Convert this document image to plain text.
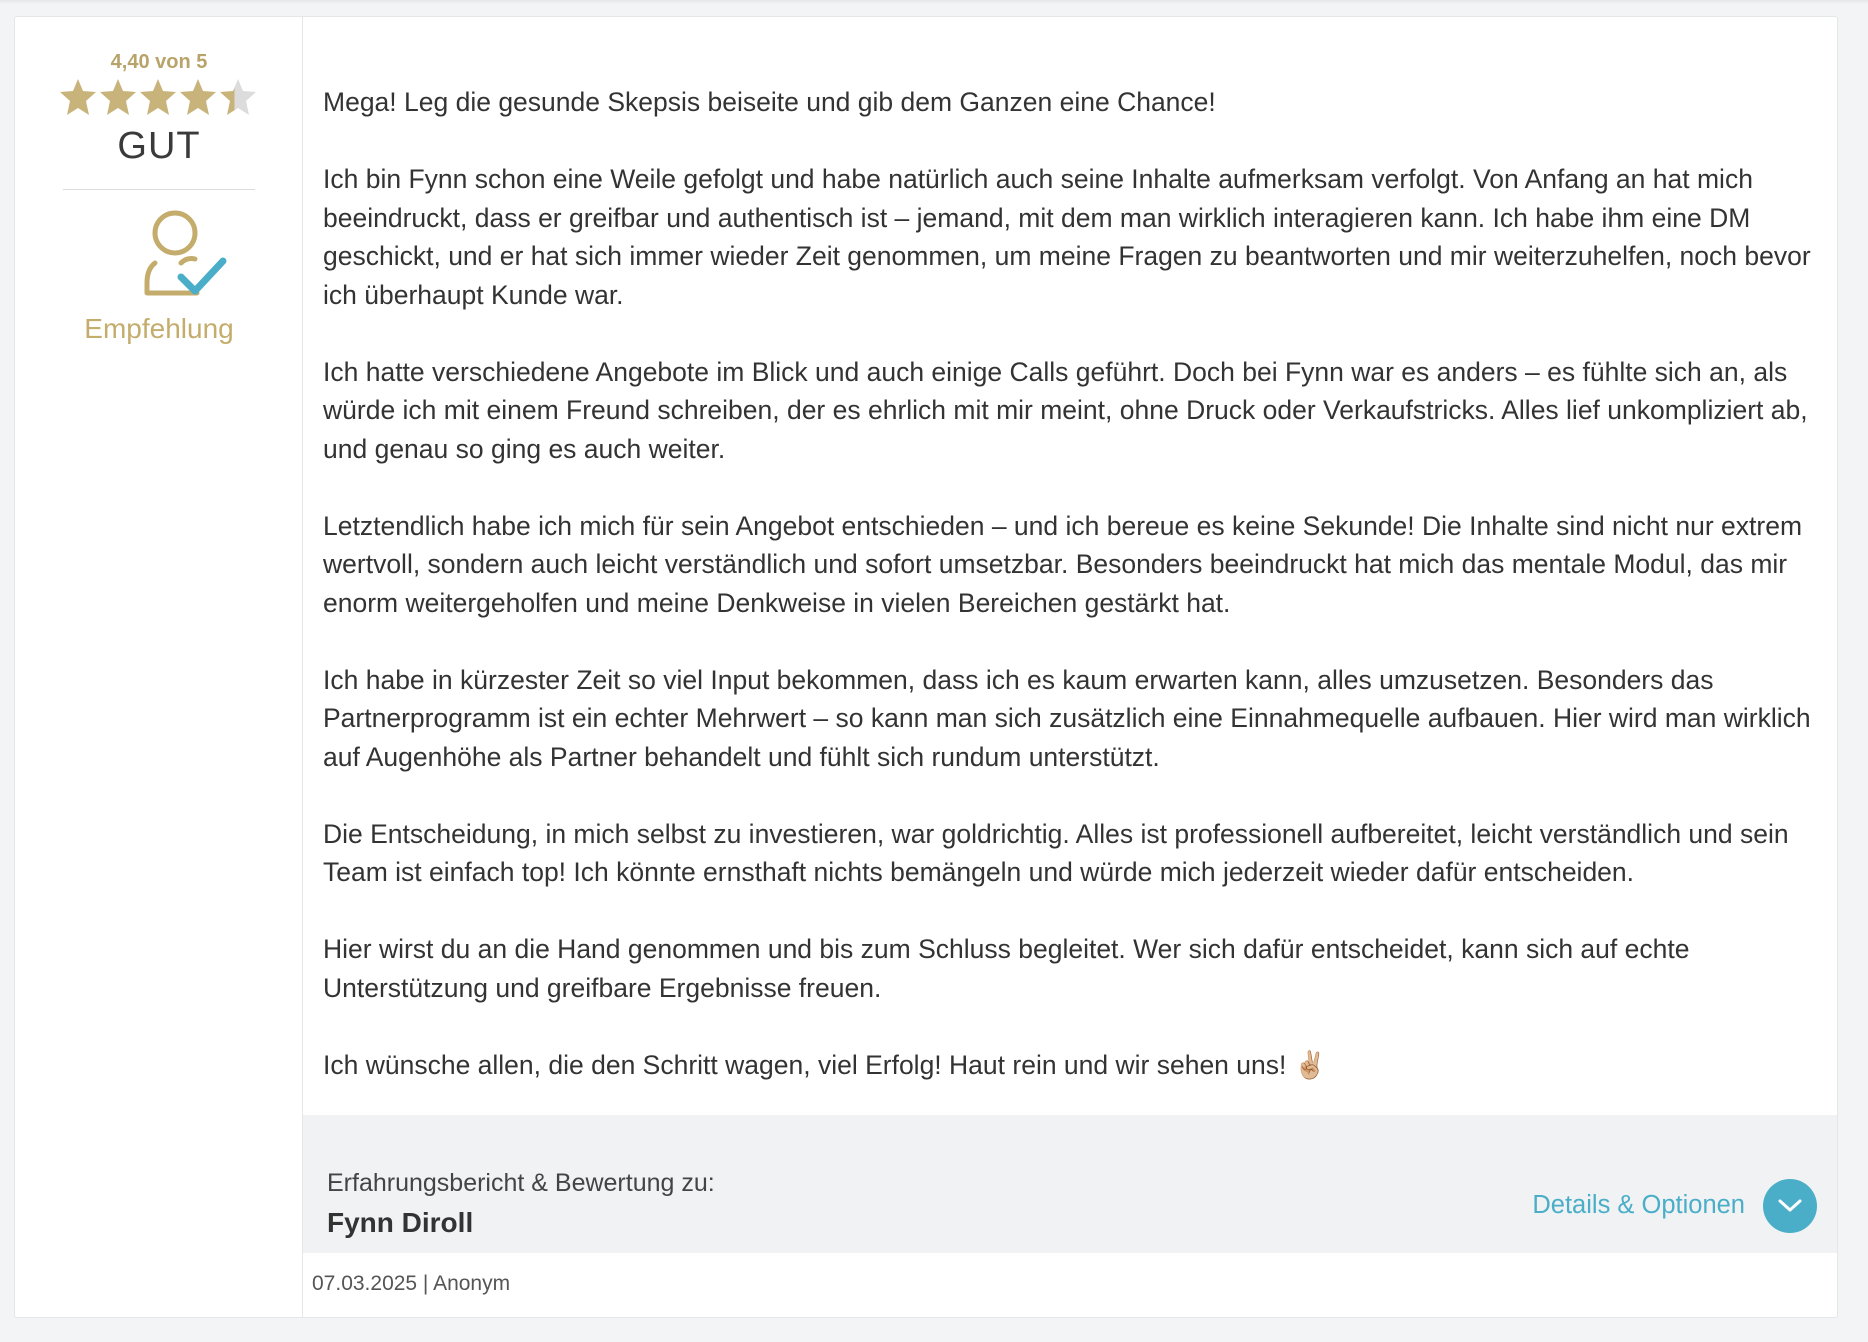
4,40 von 5
GUT
Empfehlung

Mega! Leg die gesunde Skepsis beiseite und gib dem Ganzen eine Chance!

Ich bin Fynn schon eine Weile gefolgt und habe natürlich auch seine Inhalte aufmerksam verfolgt. Von Anfang an hat mich beeindruckt, dass er greifbar und authentisch ist – jemand, mit dem man wirklich interagieren kann. Ich habe ihm eine DM geschickt, und er hat sich immer wieder Zeit genommen, um meine Fragen zu beantworten und mir weiterzuhelfen, noch bevor ich überhaupt Kunde war.

Ich hatte verschiedene Angebote im Blick und auch einige Calls geführt. Doch bei Fynn war es anders – es fühlte sich an, als würde ich mit einem Freund schreiben, der es ehrlich mit mir meint, ohne Druck oder Verkaufstricks. Alles lief unkompliziert ab, und genau so ging es auch weiter.

Letztendlich habe ich mich für sein Angebot entschieden – und ich bereue es keine Sekunde! Die Inhalte sind nicht nur extrem wertvoll, sondern auch leicht verständlich und sofort umsetzbar. Besonders beeindruckt hat mich das mentale Modul, das mir enorm weitergeholfen und meine Denkweise in vielen Bereichen gestärkt hat.

Ich habe in kürzester Zeit so viel Input bekommen, dass ich es kaum erwarten kann, alles umzusetzen. Besonders das Partnerprogramm ist ein echter Mehrwert – so kann man sich zusätzlich eine Einnahmequelle aufbauen. Hier wird man wirklich auf Augenhöhe als Partner behandelt und fühlt sich rundum unterstützt.

Die Entscheidung, in mich selbst zu investieren, war goldrichtig. Alles ist professionell aufbereitet, leicht verständlich und sein Team ist einfach top! Ich könnte ernsthaft nichts bemängeln und würde mich jederzeit wieder dafür entscheiden.

Hier wirst du an die Hand genommen und bis zum Schluss begleitet. Wer sich dafür entscheidet, kann sich auf echte Unterstützung und greifbare Ergebnisse freuen.

Ich wünsche allen, die den Schritt wagen, viel Erfolg! Haut rein und wir sehen uns! ✌🏼

Erfahrungsbericht & Bewertung zu:
Fynn Diroll
Details & Optionen
07.03.2025 | Anonym
